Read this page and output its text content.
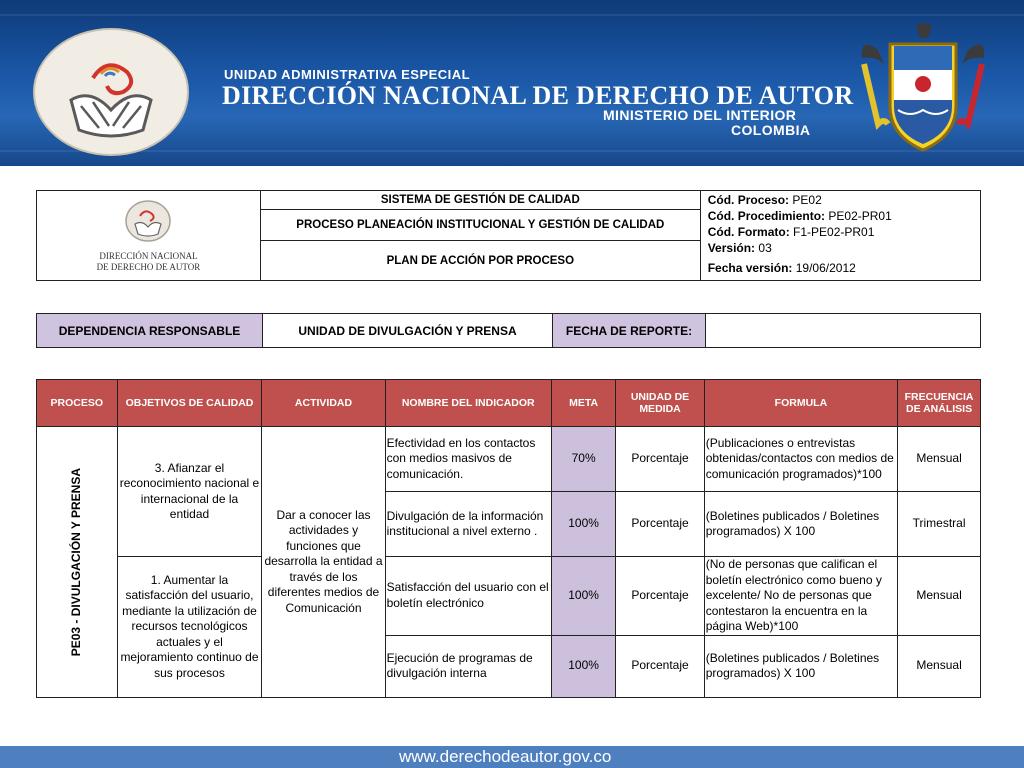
UNIDAD ADMINISTRATIVA ESPECIAL
DIRECCIÓN NACIONAL DE DERECHO DE AUTOR
MINISTERIO DEL INTERIOR
COLOMBIA
DIRECCIÓN NACIONAL DE DERECHO DE AUTOR
	SISTEMA DE GESTIÓN DE CALIDAD	Cód. Proceso: PE02
Cód. Procedimiento: PE02-PR01
Cód. Formato: F1-PE02-PR01
Versión: 03
Fecha versión: 19/06/2012

PROCESO PLANEACIÓN INSTITUCIONAL Y GESTIÓN DE CALIDAD
PLAN DE ACCIÓN POR PROCESO
DEPENDENCIA RESPONSABLE	UNIDAD DE DIVULGACIÓN Y PRENSA	FECHA DE REPORTE:	
PROCESO	OBJETIVOS DE CALIDAD	ACTIVIDAD	NOMBRE DEL INDICADOR	META	UNIDAD DE MEDIDA	FORMULA	FRECUENCIA DE ANÁLISIS

PE03 - DIVULGACIÓN Y PRENSA	3. Afianzar el reconocimiento nacional e internacional de la entidad	Dar a conocer las actividades y funciones que desarrolla la entidad a través de los diferentes medios de Comunicación	Efectividad en los contactos con medios masivos de comunicación.	70%	Porcentaje	(Publicaciones o entrevistas obtenidas/contactos con medios de comunicación programados)*100	Mensual
			Divulgación de la información institucional a nivel externo .	100%	Porcentaje	(Boletines publicados / Boletines programados) X 100	Trimestral
	1. Aumentar la satisfacción del usuario, mediante la utilización de recursos tecnológicos actuales y el mejoramiento continuo de sus procesos		Satisfacción del usuario con el boletín electrónico	100%	Porcentaje	(No de personas que califican el boletín electrónico como bueno y excelente/ No de personas que contestaron la encuentra en la página Web)*100	Mensual
			Ejecución de programas de divulgación interna	100%	Porcentaje	(Boletines publicados / Boletines programados) X 100	Mensual
www.derechodeautor.gov.co
